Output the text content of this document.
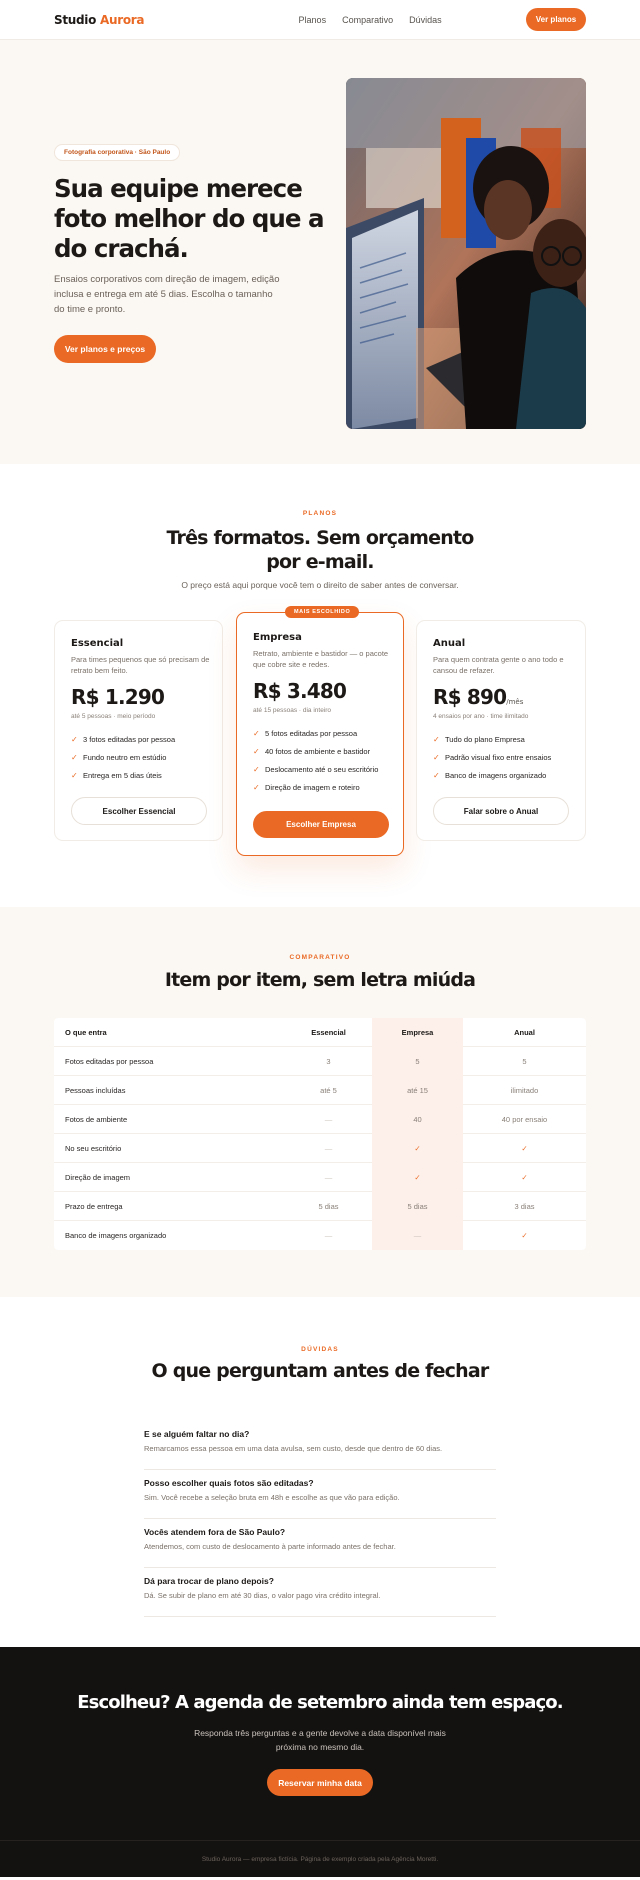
Studio Aurora	Planos Comparativo Dúvidas	Ver planos
Fotografia corporativa · São Paulo
Sua equipe merece foto melhor do que a do crachá.

Ensaios corporativos com direção de imagem, edição inclusa e entrega em até 5 dias. Escolha o tamanho do time e pronto.

Ver planos e preços
PLANOS
Três formatos. Sem orçamento por e-mail.

O preço está aqui porque você tem o direito de saber antes de conversar.

Essencial
Para times pequenos que só precisam de retrato bem feito.
R$ 1.290
até 5 pessoas · meio período
✓ 3 fotos editadas por pessoa
✓ Fundo neutro em estúdio
✓ Entrega em 5 dias úteis
Escolher Essencial
MAIS ESCOLHIDO
Empresa
Retrato, ambiente e bastidor — o pacote que cobre site e redes.
R$ 3.480
até 15 pessoas · dia inteiro
✓ 5 fotos editadas por pessoa
✓ 40 fotos de ambiente e bastidor
✓ Deslocamento até o seu escritório
✓ Direção de imagem e roteiro
Escolher Empresa
Anual
Para quem contrata gente o ano todo e cansou de refazer.
R$ 890/mês
4 ensaios por ano · time ilimitado
✓ Tudo do plano Empresa
✓ Padrão visual fixo entre ensaios
✓ Banco de imagens organizado
Falar sobre o Anual
COMPARATIVO
Item por item, sem letra miúda
O que entra	Essencial	Empresa	Anual
Fotos editadas por pessoa	3	5	5
Pessoas incluídas	até 5	até 15	ilimitado
Fotos de ambiente	—	40	40 por ensaio
No seu escritório	—	✓	✓
Direção de imagem	—	✓	✓
Prazo de entrega	5 dias	5 dias	3 dias
Banco de imagens organizado	—	—	✓
DÚVIDAS
O que perguntam antes de fechar
E se alguém faltar no dia?
Remarcamos essa pessoa em uma data avulsa, sem custo, desde que dentro de 60 dias.
Posso escolher quais fotos são editadas?
Sim. Você recebe a seleção bruta em 48h e escolhe as que vão para edição.
Vocês atendem fora de São Paulo?
Atendemos, com custo de deslocamento à parte informado antes de fechar.
Dá para trocar de plano depois?
Dá. Se subir de plano em até 30 dias, o valor pago vira crédito integral.
Escolheu? A agenda de setembro ainda tem espaço.

Responda três perguntas e a gente devolve a data disponível mais próxima no mesmo dia.

Reservar minha data
Studio Aurora — empresa fictícia. Página de exemplo criada pela Agência Moretti.
